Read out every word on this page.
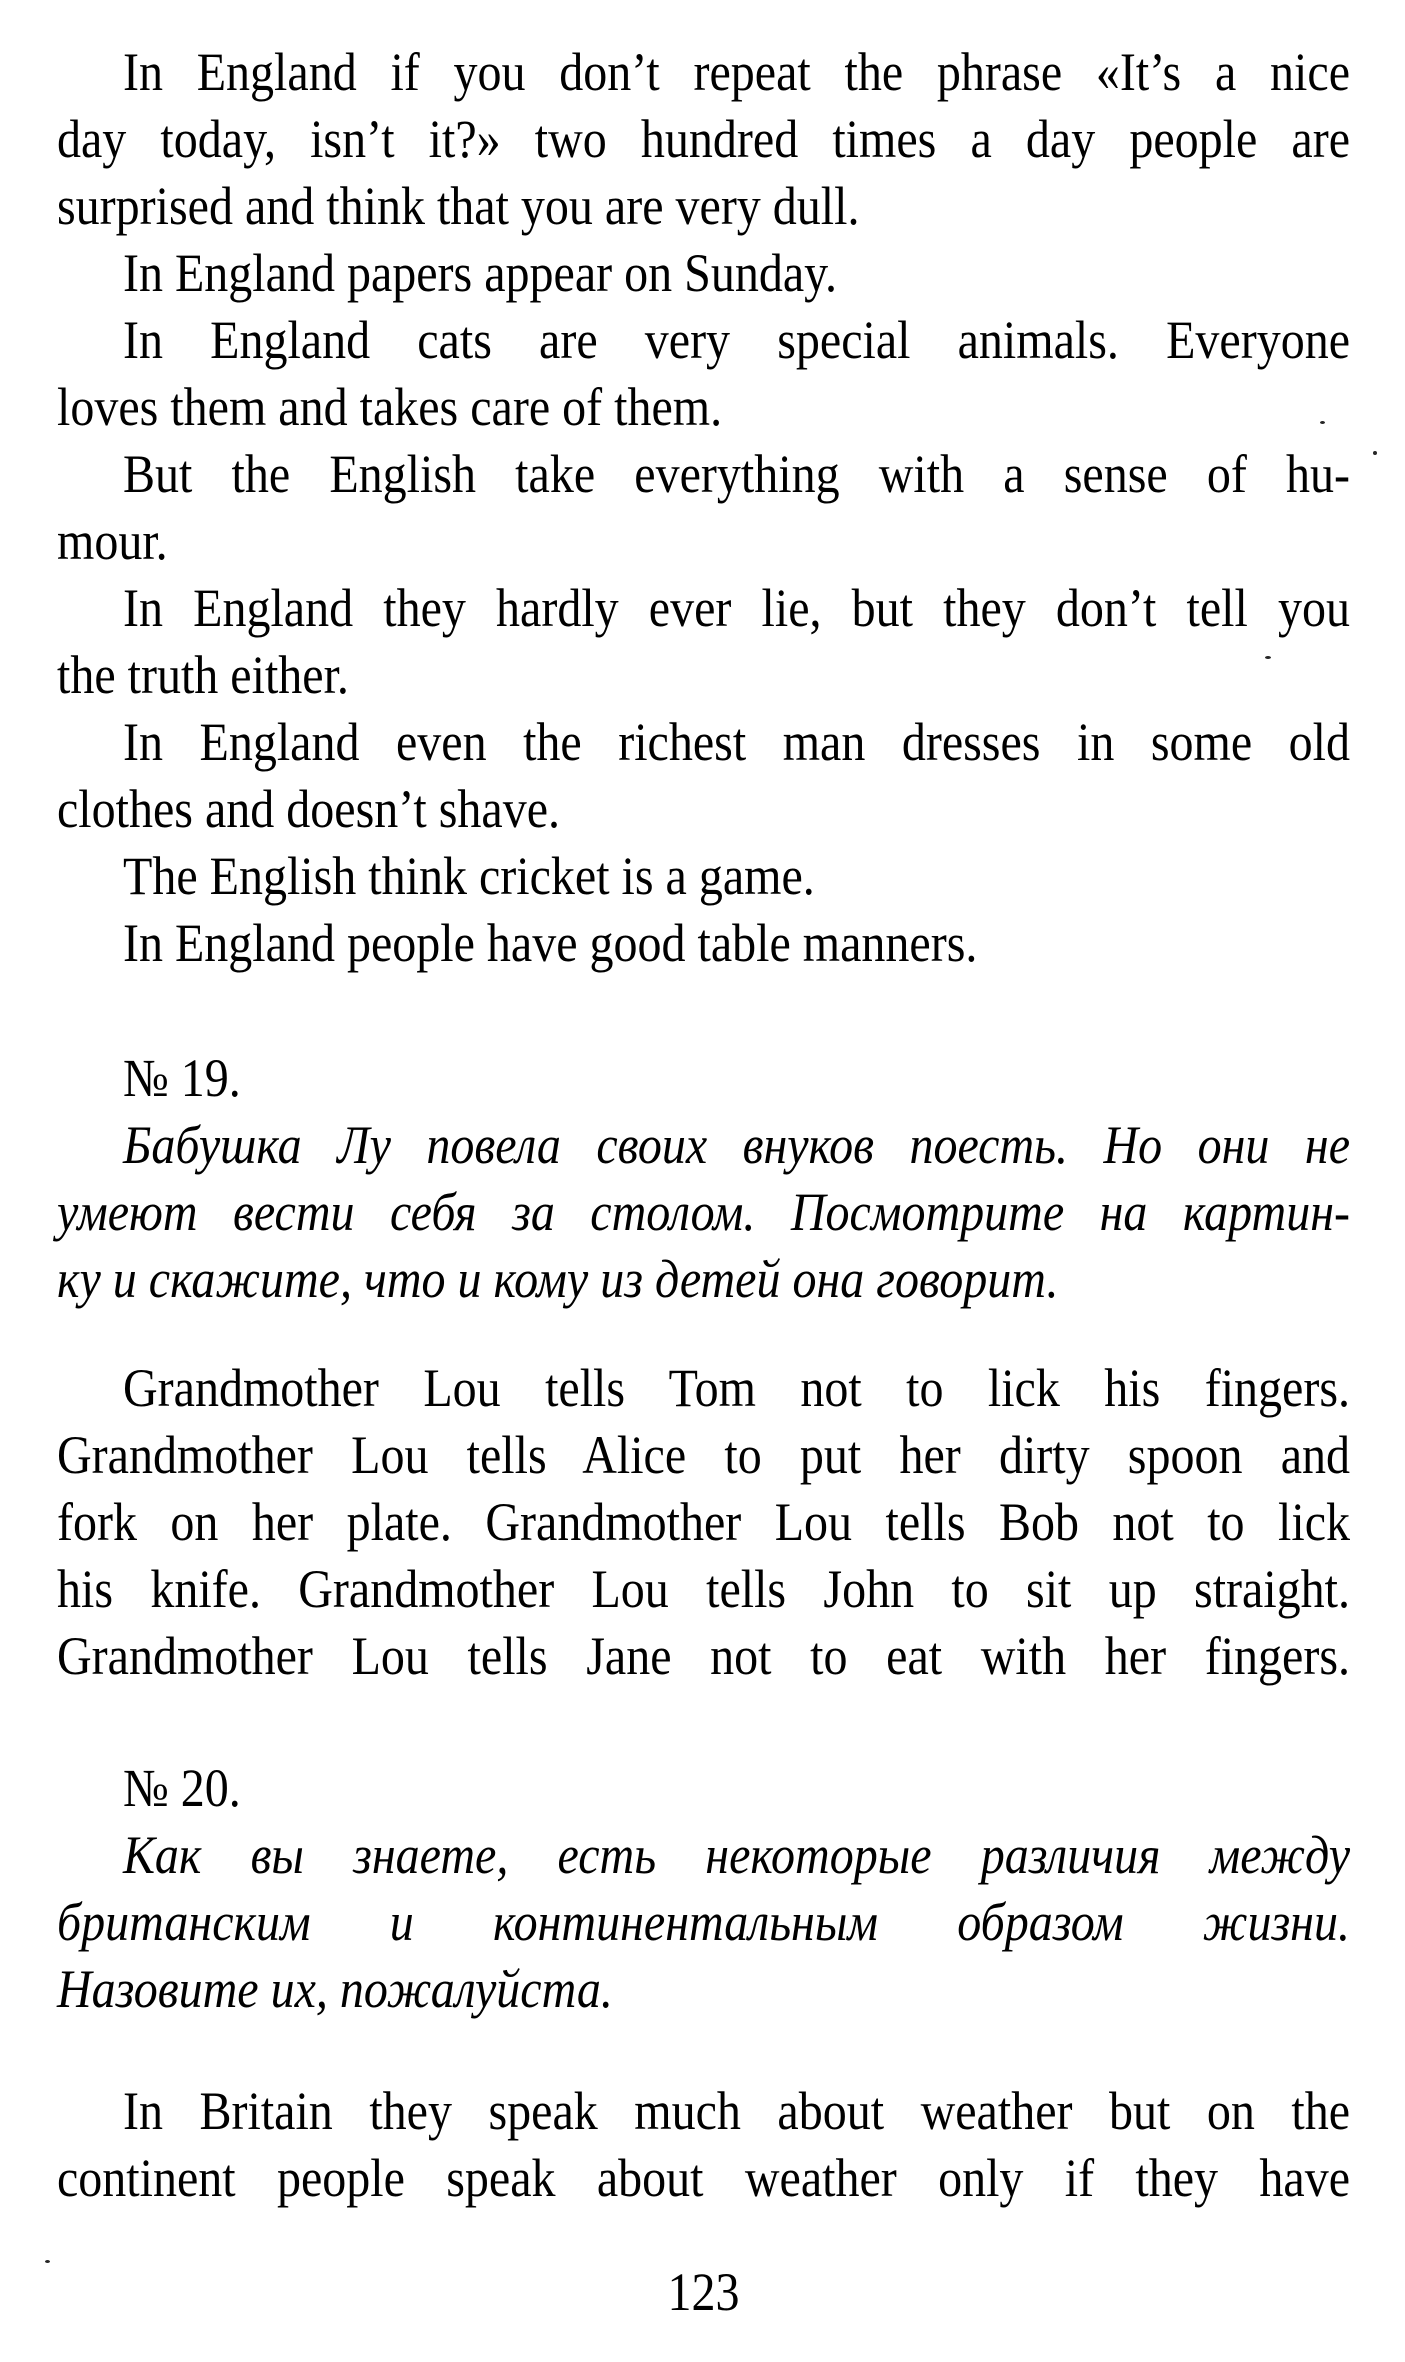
In England if you don’t repeat the phrase «It’s a nice
day today, isn’t it?» two hundred times a day people are
surprised and think that you are very dull.
In England papers appear on Sunday.
In England cats are very special animals. Everyone
loves them and takes care of them.
But the English take everything with a sense of hu-
mour.
In England they hardly ever lie, but they don’t tell you
the truth either.
In England even the richest man dresses in some old
clothes and doesn’t shave.
The English think cricket is a game.
In England people have good table manners.
№ 19.
Бабушка Лу повела своих внуков поесть. Но они не
умеют вести себя за столом. Посмотрите на картин-
ку и скажите, что и кому из детей она говорит.
Grandmother Lou tells Tom not to lick his fingers.
Grandmother Lou tells Alice to put her dirty spoon and
fork on her plate. Grandmother Lou tells Bob not to lick
his knife. Grandmother Lou tells John to sit up straight.
Grandmother Lou tells Jane not to eat with her fingers.
№ 20.
Как вы знаете, есть некоторые различия между
британским и континентальным образом жизни.
Назовите их, пожалуйста.
In Britain they speak much about weather but on the
continent people speak about weather only if they have
123
